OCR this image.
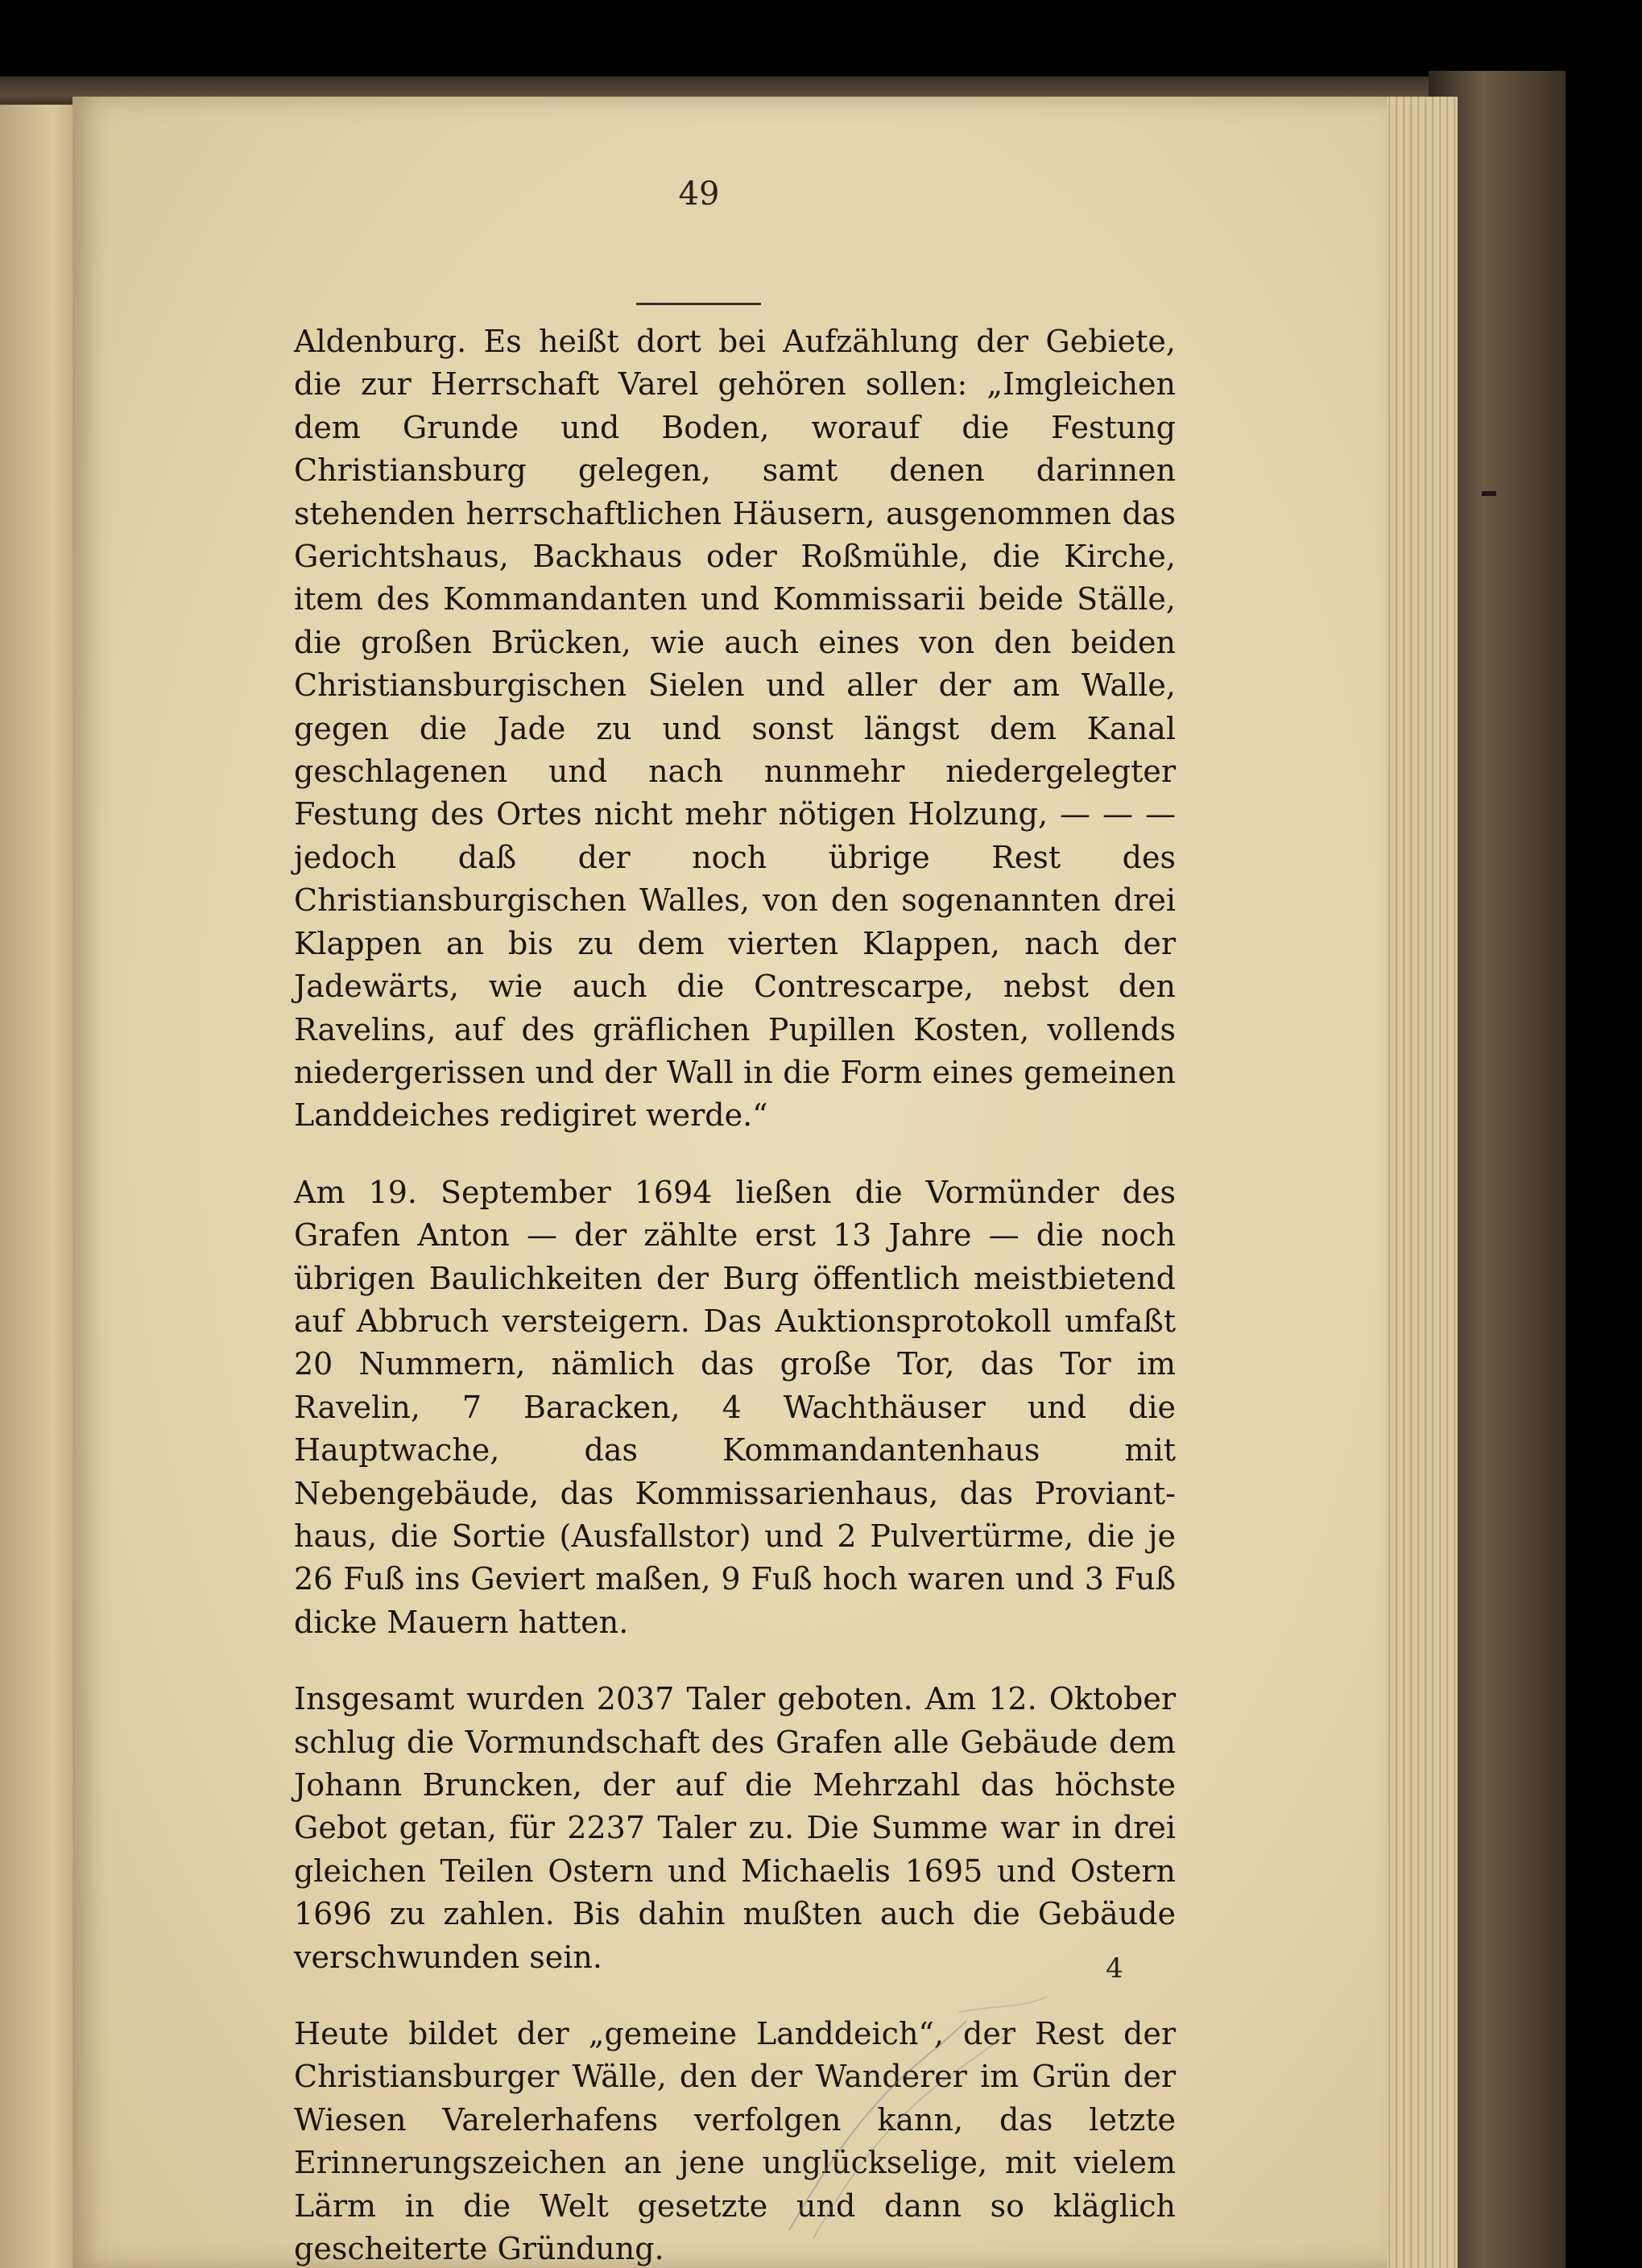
49

Aldenburg. Es heißt dort bei Aufzählung der Gebiete, die zur Herrschaft Varel gehören sollen: „Imgleichen dem Grunde und Boden, worauf die Festung Christiansburg gelegen, samt denen darinnen stehenden herrschaftlichen Häusern, ausgenommen das Gerichtshaus, Backhaus oder Roßmühle, die Kirche, item des Kommandanten und Kommissarii beide Ställe, die großen Brücken, wie auch eines von den beiden Christiansburgischen Sielen und aller der am Walle, gegen die Jade zu und sonst längst dem Kanal geschlagenen und nach nunmehr niedergelegter Festung des Ortes nicht mehr nötigen Holzung, — — — jedoch daß der noch übrige Rest des Christiansburgischen Walles, von den sogenannten drei Klappen an bis zu dem vierten Klappen, nach der Jadewärts, wie auch die Contrescarpe, nebst den Ravelins, auf des gräflichen Pupillen Kosten, vollends niedergerissen und der Wall in die Form eines gemeinen Landdeiches redigiret werde.“

Am 19. September 1694 ließen die Vormünder des Grafen Anton — der zählte erst 13 Jahre — die noch übrigen Baulichkeiten der Burg öffentlich meistbietend auf Abbruch versteigern. Das Auktionsprotokoll umfaßt 20 Nummern, nämlich das große Tor, das Tor im Ravelin, 7 Baracken, 4 Wachthäuser und die Hauptwache, das Kommandantenhaus mit Nebengebäude, das Kommissarienhaus, das Provianthaus, die Sortie (Ausfallstor) und 2 Pulvertürme, die je 26 Fuß ins Geviert maßen, 9 Fuß hoch waren und 3 Fuß dicke Mauern hatten.

Insgesamt wurden 2037 Taler geboten. Am 12. Oktober schlug die Vormundschaft des Grafen alle Gebäude dem Johann Bruncken, der auf die Mehrzahl das höchste Gebot getan, für 2237 Taler zu. Die Summe war in drei gleichen Teilen Ostern und Michaelis 1695 und Ostern 1696 zu zahlen. Bis dahin mußten auch die Gebäude verschwunden sein.

Heute bildet der „gemeine Landdeich“, der Rest der Christiansburger Wälle, den der Wanderer im Grün der Wiesen Varelerhafens verfolgen kann, das letzte Erinnerungszeichen an jene unglückselige, mit vielem Lärm in die Welt gesetzte und dann so kläglich gescheiterte Gründung.

4
